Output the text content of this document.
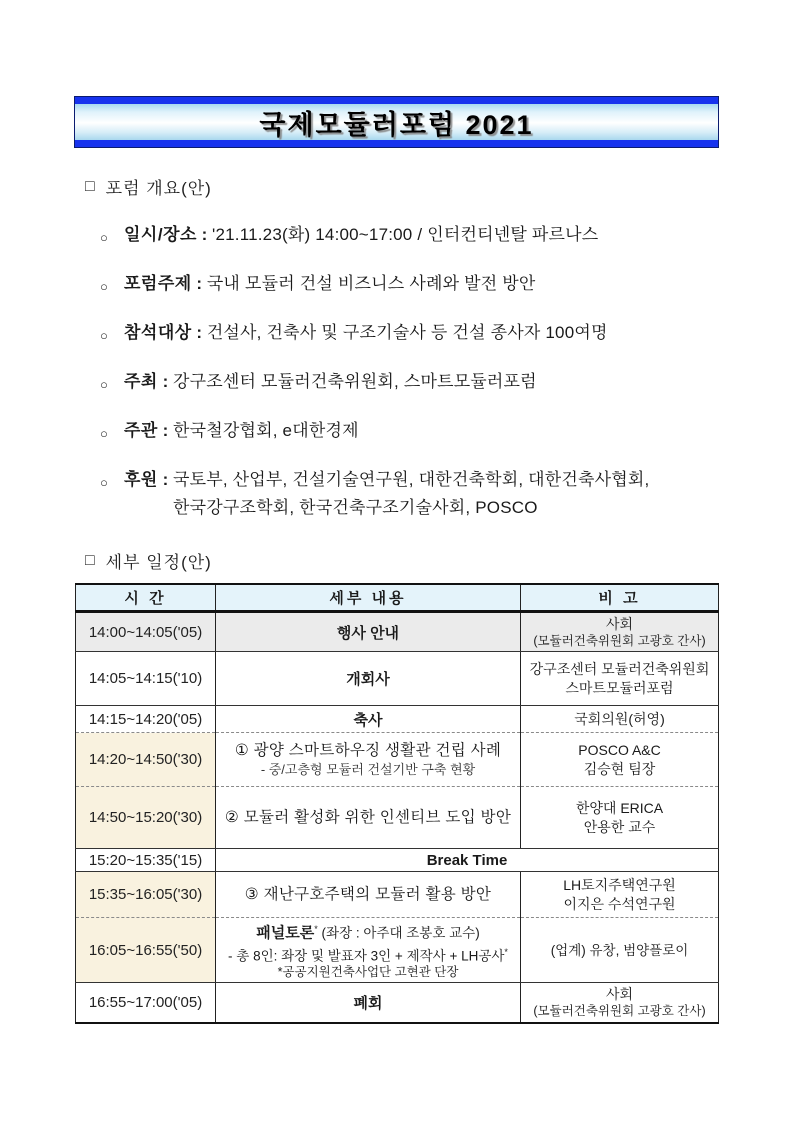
국제모듈러포럼 2021
□ 포럼 개요(안)
○ 일시/장소 : '21.11.23(화) 14:00~17:00 / 인터컨티넨탈 파르나스
○ 포럼주제 : 국내 모듈러 건설 비즈니스 사례와 발전 방안
○ 참석대상 : 건설사, 건축사 및 구조기술사 등 건설 종사자 100여명
○ 주최 : 강구조센터 모듈러건축위원회, 스마트모듈러포럼
○ 주관 : 한국철강협회, e대한경제
○ 후원 : 국토부, 산업부, 건설기술연구원, 대한건축학회, 대한건축사협회,
한국강구조학회, 한국건축구조기술사회, POSCO
□ 세부 일정(안)
시 간	세부 내용	비 고
14:00~14:05('05)	행사 안내	사회
(모듈러건축위원회 고광호 간사)

14:05~14:15('10)	개회사	강구조센터 모듈러건축위원회
스마트모듈러포럼

14:15~14:20('05)	축사	국회의원(허영)

14:20~14:50('30)	① 광양 스마트하우징 생활관 건립 사례
- 중/고층형 모듈러 건설기반 구축 현황	POSCO A&C
김승현 팀장

14:50~15:20('30)	② 모듈러 활성화 위한 인센티브 도입 방안	한양대 ERICA
안용한 교수

15:20~15:35('15)	Break Time	
15:35~16:05('30)	③ 재난구호주택의 모듈러 활용 방안	LH토지주택연구원
이지은 수석연구원

16:05~16:55('50)	패널토론* (좌장 : 아주대 조봉호 교수)
- 총 8인: 좌장 및 발표자 3인 + 제작사 + LH공사*
*공공지원건축사업단 고현관 단장	(업계) 유창, 범양플로이

16:55~17:00('05)	폐회	사회
(모듈러건축위원회 고광호 간사)
